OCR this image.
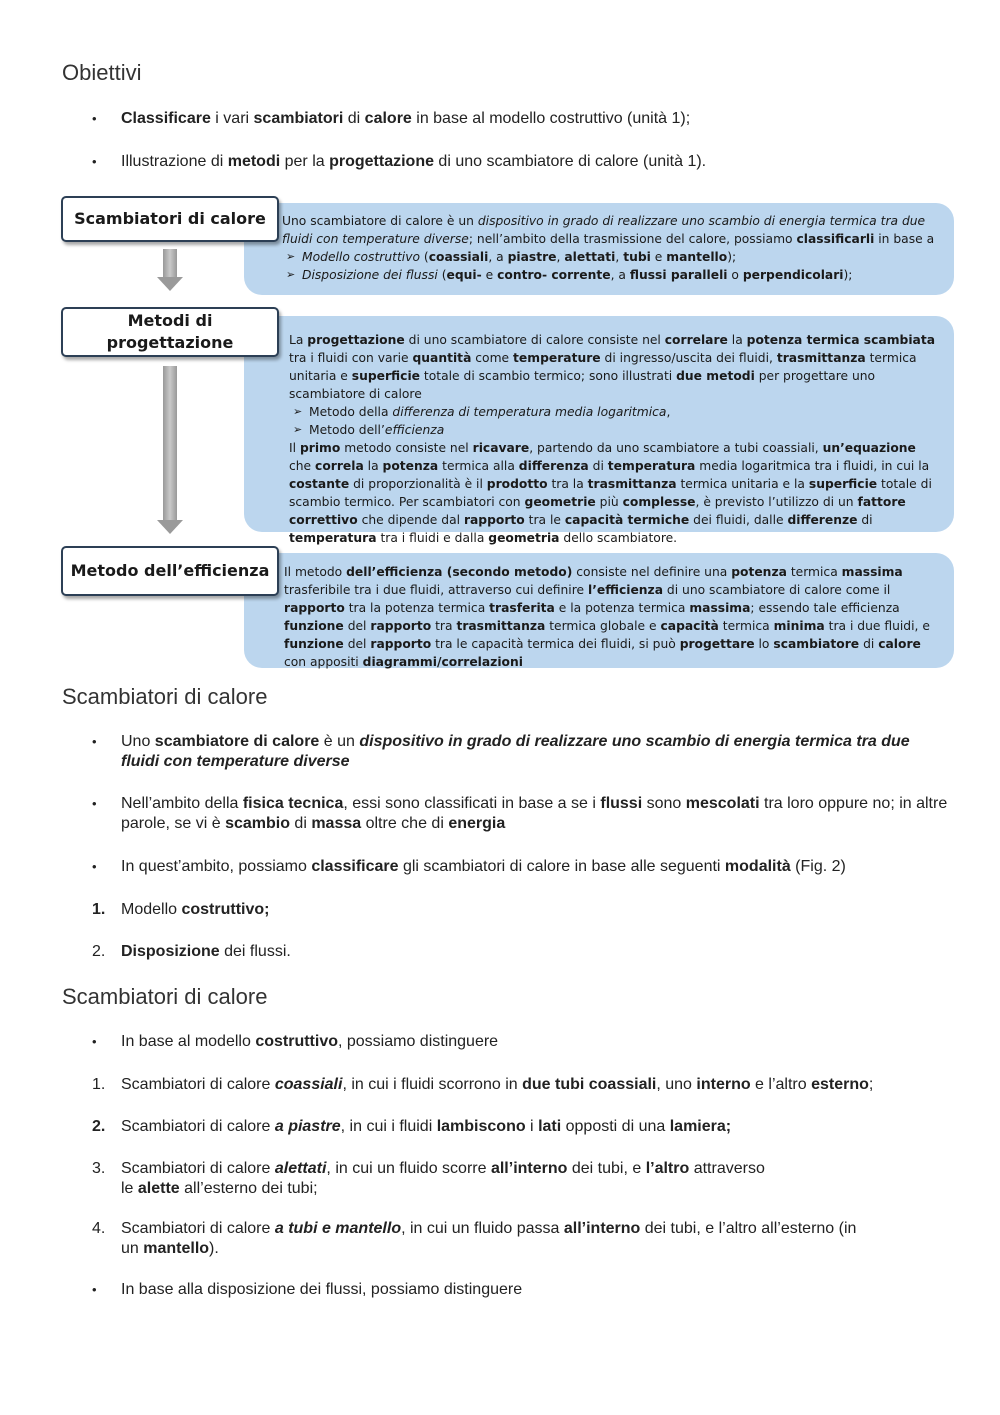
Obiettivi
•	Classificare i vari scambiatori di calore in base al modello costruttivo (unità 1);
•	Illustrazione di metodi per la progettazione di uno scambiatore di calore (unità 1).

Uno scambiatore di calore è un dispositivo in grado di realizzare uno scambio di energia termica tra due fluidi con temperature diverse; nell’ambito della trasmissione del calore, possiamo classificarli in base a

➢ Modello costruttivo (coassiali, a piastre, alettati, tubi e mantello);

➢ Disposizione dei flussi (equi- e contro- corrente, a flussi paralleli o perpendicolari);

La progettazione di uno scambiatore di calore consiste nel correlare la potenza termica scambiata tra i fluidi con varie quantità come temperature di ingresso/uscita dei fluidi, trasmittanza termica unitaria e superficie totale di scambio termico; sono illustrati due metodi per progettare uno scambiatore di calore

➢ Metodo della differenza di temperatura media logaritmica,

➢ Metodo dell’efficienza

Il primo metodo consiste nel ricavare, partendo da uno scambiatore a tubi coassiali, un’equazione che correla la potenza termica alla differenza di temperatura media logaritmica tra i fluidi, in cui la costante di proporzionalità è il prodotto tra la trasmittanza termica unitaria e la superficie totale di scambio termico. Per scambiatori con geometrie più complesse, è previsto l’utilizzo di un fattore correttivo che dipende dal rapporto tra le capacità termiche dei fluidi, dalle differenze di temperatura tra i fluidi e dalla geometria dello scambiatore.

Il metodo dell’efficienza (secondo metodo) consiste nel definire una potenza termica massima trasferibile tra i due fluidi, attraverso cui definire l’efficienza di uno scambiatore di calore come il rapporto tra la potenza termica trasferita e la potenza termica massima; essendo tale efficienza funzione del rapporto tra trasmittanza termica globale e capacità termica minima tra i due fluidi, e funzione del rapporto tra le capacità termica dei fluidi, si può progettare lo scambiatore di calore con appositi diagrammi/correlazioni

Scambiatori di calore
Metodi di progettazione
Metodo dell’efficienza
Scambiatori di calore
•	Uno scambiatore di calore è un dispositivo in grado di realizzare uno scambio di energia termica tra due fluidi con temperature diverse
•	Nell’ambito della fisica tecnica, essi sono classificati in base a se i flussi sono mescolati tra loro oppure no; in altre parole, se vi è scambio di massa oltre che di energia
•	In quest’ambito, possiamo classificare gli scambiatori di calore in base alle seguenti modalità (Fig. 2)
1. Modello costruttivo;
2. Disposizione dei flussi.
Scambiatori di calore
•	In base al modello costruttivo, possiamo distinguere
1. Scambiatori di calore coassiali, in cui i fluidi scorrono in due tubi coassiali, uno interno e l’altro esterno;
2. Scambiatori di calore a piastre, in cui i fluidi lambiscono i lati opposti di una lamiera;
3. Scambiatori di calore alettati, in cui un fluido scorre all’interno dei tubi, e l’altro attraverso
le alette all’esterno dei tubi;
4. Scambiatori di calore a tubi e mantello, in cui un fluido passa all’interno dei tubi, e l’altro all’esterno (in
un mantello).
•	In base alla disposizione dei flussi, possiamo distinguere
